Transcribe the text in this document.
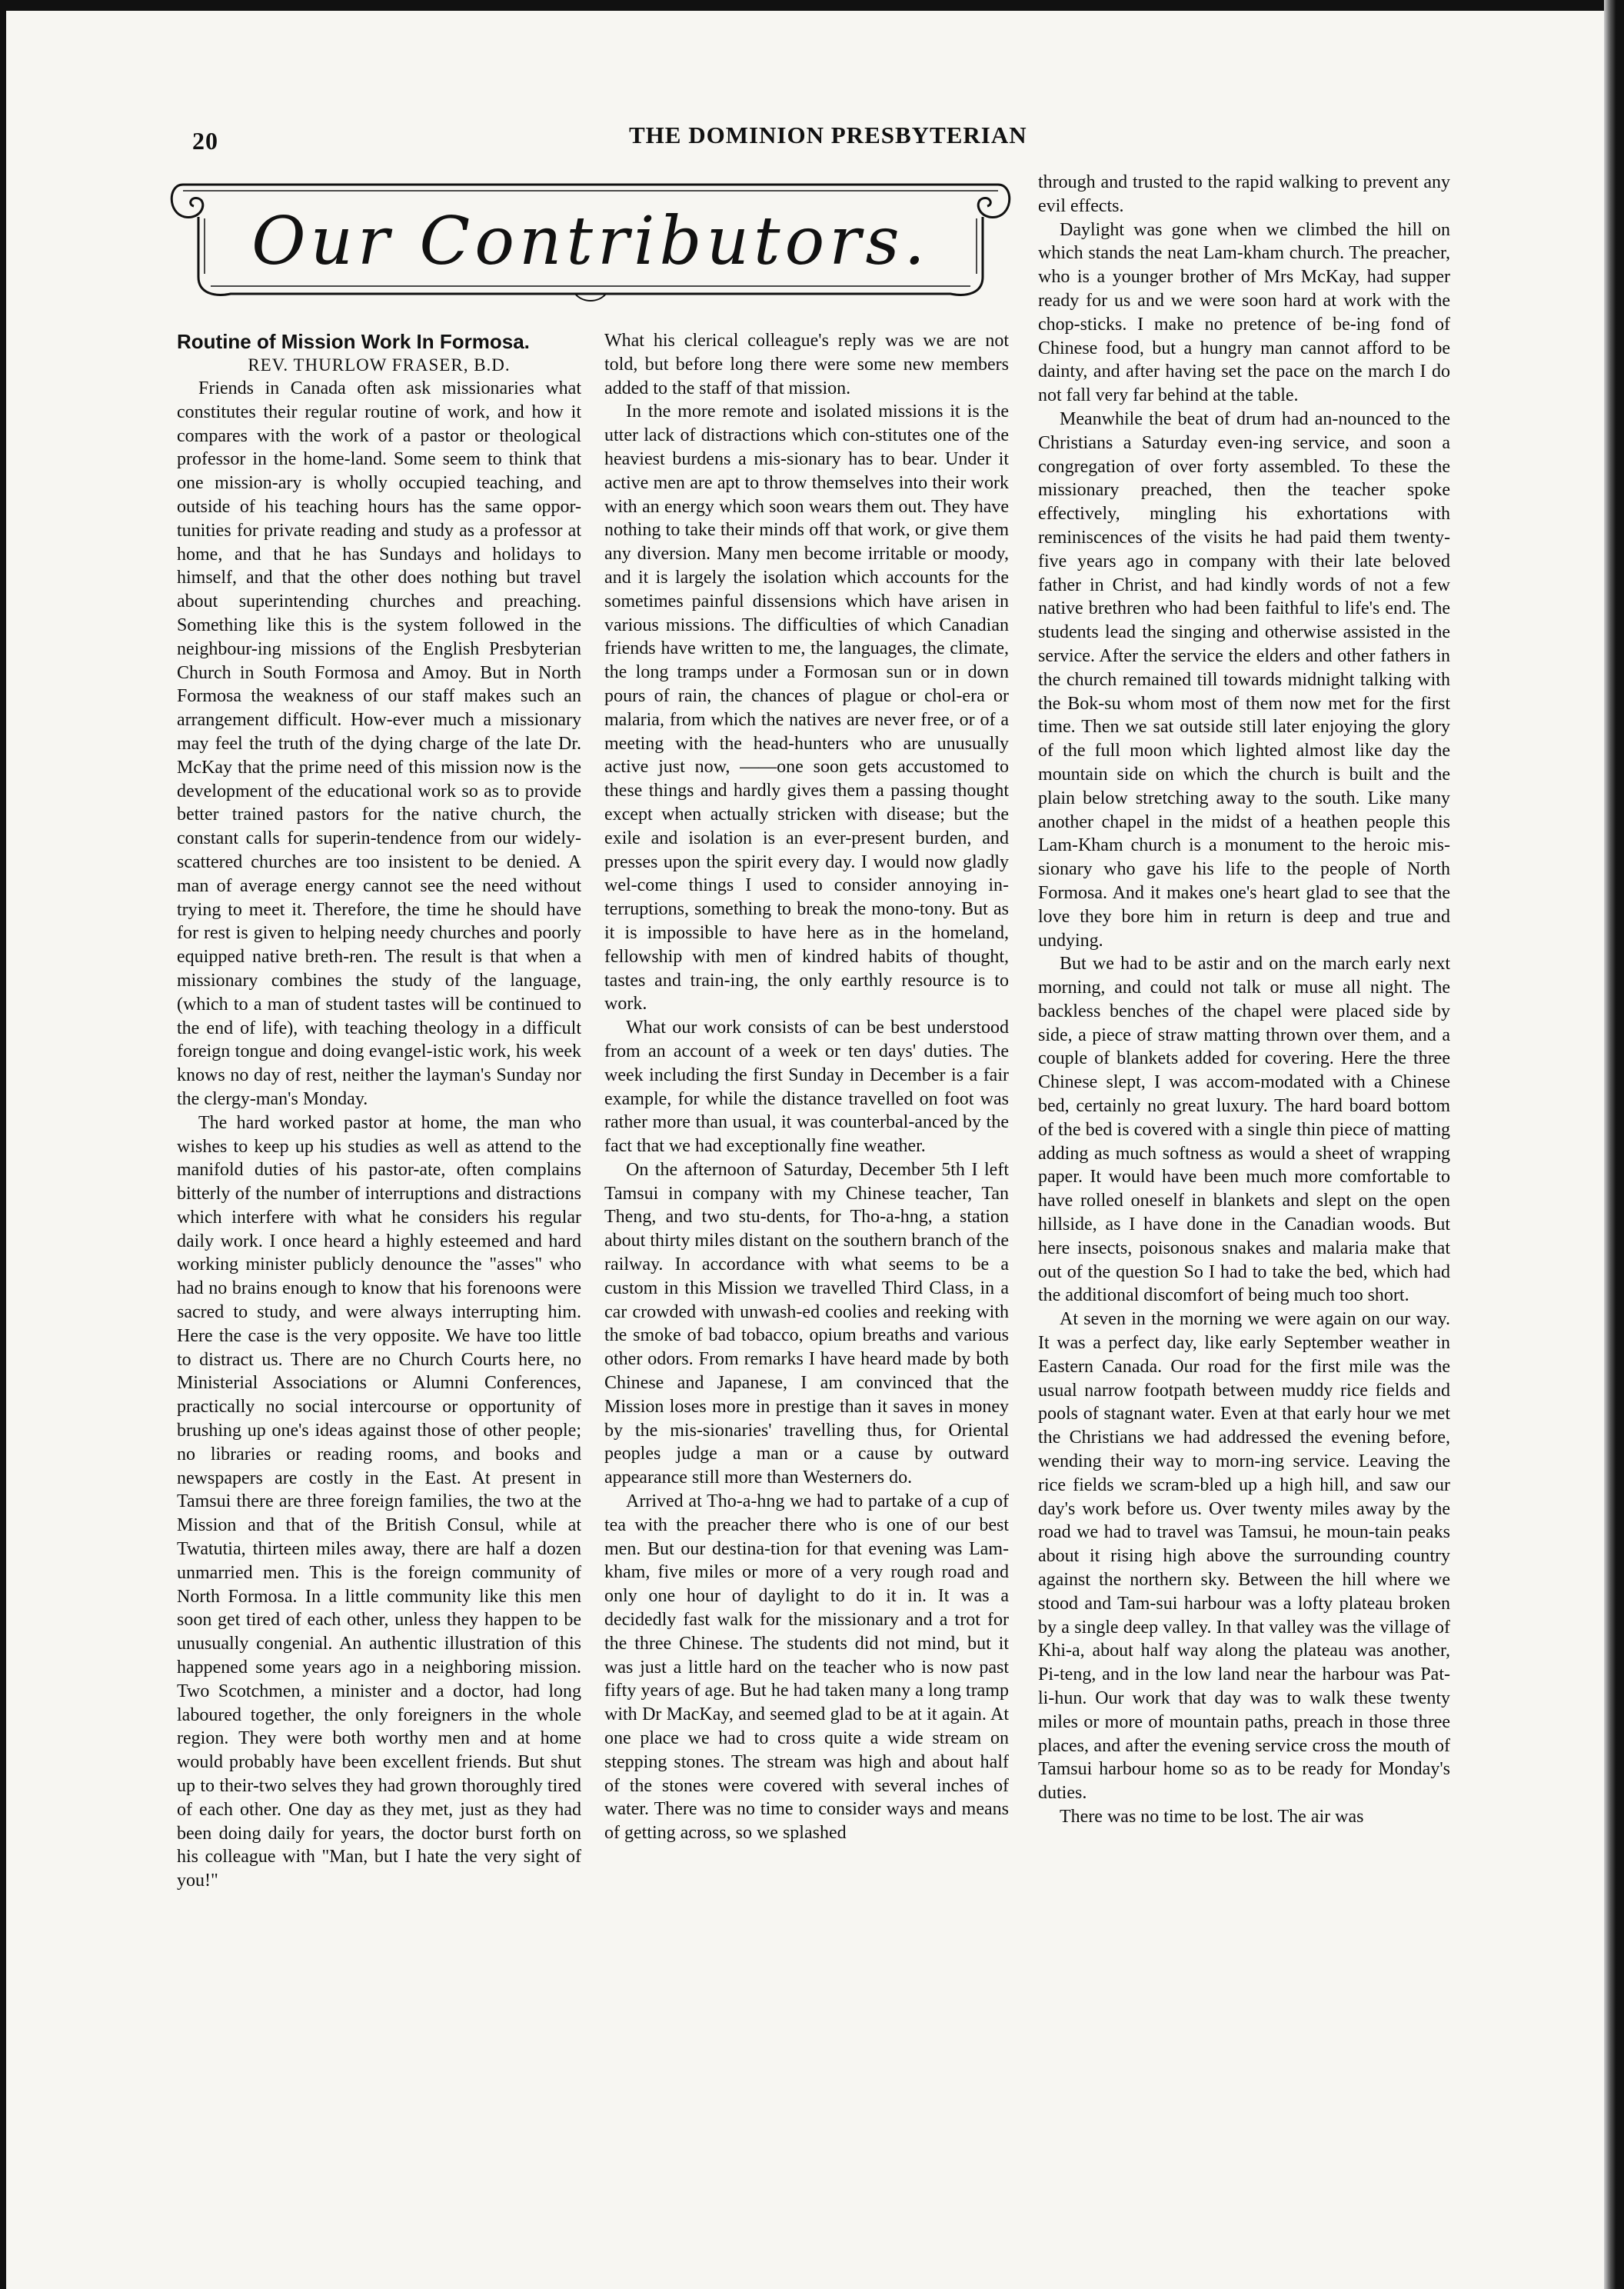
20	THE DOMINION PRESBYTERIAN
Our Contributors.

Routine of Mission Work In Formosa.

REV. THURLOW FRASER, B.D.

Friends in Canada often ask missionaries what constitutes their regular routine of work, and how it compares with the work of a pastor or theological professor in the home-land. Some seem to think that one mission-ary is wholly occupied teaching, and outside of his teaching hours has the same oppor-tunities for private reading and study as a professor at home, and that he has Sundays and holidays to himself, and that the other does nothing but travel about superintending churches and preaching. Something like this is the system followed in the neighbour-ing missions of the English Presbyterian Church in South Formosa and Amoy. But in North Formosa the weakness of our staff makes such an arrangement difficult. How-ever much a missionary may feel the truth of the dying charge of the late Dr. McKay that the prime need of this mission now is the development of the educational work so as to provide better trained pastors for the native church, the constant calls for superin-tendence from our widely-scattered churches are too insistent to be denied. A man of average energy cannot see the need without trying to meet it. Therefore, the time he should have for rest is given to helping needy churches and poorly equipped native breth-ren. The result is that when a missionary combines the study of the language, (which to a man of student tastes will be continued to the end of life), with teaching theology in a difficult foreign tongue and doing evangel-istic work, his week knows no day of rest, neither the layman's Sunday nor the clergy-man's Monday.

The hard worked pastor at home, the man who wishes to keep up his studies as well as attend to the manifold duties of his pastor-ate, often complains bitterly of the number of interruptions and distractions which interfere with what he considers his regular daily work. I once heard a highly esteemed and hard working minister publicly denounce the "asses" who had no brains enough to know that his forenoons were sacred to study, and were always interrupting him. Here the case is the very opposite. We have too little to distract us. There are no Church Courts here, no Ministerial Associations or Alumni Conferences, practically no social intercourse or opportunity of brushing up one's ideas against those of other people; no libraries or reading rooms, and books and newspapers are costly in the East. At present in Tamsui there are three foreign families, the two at the Mission and that of the British Consul, while at Twatutia, thirteen miles away, there are half a dozen unmarried men. This is the foreign community of North Formosa. In a little community like this men soon get tired of each other, unless they happen to be unusually congenial. An authentic illustration of this happened some years ago in a neighboring mission. Two Scotchmen, a minister and a doctor, had long laboured together, the only foreigners in the whole region. They were both worthy men and at home would probably have been excellent friends. But shut up to their-two selves they had grown thoroughly tired of each other. One day as they met, just as they had been doing daily for years, the doctor burst forth on his colleague with "Man, but I hate the very sight of you!"

What his clerical colleague's reply was we are not told, but before long there were some new members added to the staff of that mission.

In the more remote and isolated missions it is the utter lack of distractions which con-stitutes one of the heaviest burdens a mis-sionary has to bear. Under it active men are apt to throw themselves into their work with an energy which soon wears them out. They have nothing to take their minds off that work, or give them any diversion. Many men become irritable or moody, and it is largely the isolation which accounts for the sometimes painful dissensions which have arisen in various missions. The difficulties of which Canadian friends have written to me, the languages, the climate, the long tramps under a Formosan sun or in down pours of rain, the chances of plague or chol-era or malaria, from which the natives are never free, or of a meeting with the head-hunters who are unusually active just now, ——one soon gets accustomed to these things and hardly gives them a passing thought except when actually stricken with disease; but the exile and isolation is an ever-present burden, and presses upon the spirit every day. I would now gladly wel-come things I used to consider annoying in-terruptions, something to break the mono-tony. But as it is impossible to have here as in the homeland, fellowship with men of kindred habits of thought, tastes and train-ing, the only earthly resource is to work.

What our work consists of can be best understood from an account of a week or ten days' duties. The week including the first Sunday in December is a fair example, for while the distance travelled on foot was rather more than usual, it was counterbal-anced by the fact that we had exceptionally fine weather.

On the afternoon of Saturday, December 5th I left Tamsui in company with my Chinese teacher, Tan Theng, and two stu-dents, for Tho-a-hng, a station about thirty miles distant on the southern branch of the railway. In accordance with what seems to be a custom in this Mission we travelled Third Class, in a car crowded with unwash-ed coolies and reeking with the smoke of bad tobacco, opium breaths and various other odors. From remarks I have heard made by both Chinese and Japanese, I am convinced that the Mission loses more in prestige than it saves in money by the mis-sionaries' travelling thus, for Oriental peoples judge a man or a cause by outward appearance still more than Westerners do.

Arrived at Tho-a-hng we had to partake of a cup of tea with the preacher there who is one of our best men. But our destina-tion for that evening was Lam-kham, five miles or more of a very rough road and only one hour of daylight to do it in. It was a decidedly fast walk for the missionary and a trot for the three Chinese. The students did not mind, but it was just a little hard on the teacher who is now past fifty years of age. But he had taken many a long tramp with Dr MacKay, and seemed glad to be at it again. At one place we had to cross quite a wide stream on stepping stones. The stream was high and about half of the stones were covered with several inches of water. There was no time to consider ways and means of getting across, so we splashed

through and trusted to the rapid walking to prevent any evil effects.

Daylight was gone when we climbed the hill on which stands the neat Lam-kham church. The preacher, who is a younger brother of Mrs McKay, had supper ready for us and we were soon hard at work with the chop-sticks. I make no pretence of be-ing fond of Chinese food, but a hungry man cannot afford to be dainty, and after having set the pace on the march I do not fall very far behind at the table.

Meanwhile the beat of drum had an-nounced to the Christians a Saturday even-ing service, and soon a congregation of over forty assembled. To these the missionary preached, then the teacher spoke effectively, mingling his exhortations with reminiscences of the visits he had paid them twenty-five years ago in company with their late beloved father in Christ, and had kindly words of not a few native brethren who had been faithful to life's end. The students lead the singing and otherwise assisted in the service. After the service the elders and other fathers in the church remained till towards midnight talking with the Bok-su whom most of them now met for the first time. Then we sat outside still later enjoying the glory of the full moon which lighted almost like day the mountain side on which the church is built and the plain below stretching away to the south. Like many another chapel in the midst of a heathen people this Lam-Kham church is a monument to the heroic mis-sionary who gave his life to the people of North Formosa. And it makes one's heart glad to see that the love they bore him in return is deep and true and undying.

But we had to be astir and on the march early next morning, and could not talk or muse all night. The backless benches of the chapel were placed side by side, a piece of straw matting thrown over them, and a couple of blankets added for covering. Here the three Chinese slept, I was accom-modated with a Chinese bed, certainly no great luxury. The hard board bottom of the bed is covered with a single thin piece of matting adding as much softness as would a sheet of wrapping paper. It would have been much more comfortable to have rolled oneself in blankets and slept on the open hillside, as I have done in the Canadian woods. But here insects, poisonous snakes and malaria make that out of the question So I had to take the bed, which had the additional discomfort of being much too short.

At seven in the morning we were again on our way. It was a perfect day, like early September weather in Eastern Canada. Our road for the first mile was the usual narrow footpath between muddy rice fields and pools of stagnant water. Even at that early hour we met the Christians we had addressed the evening before, wending their way to morn-ing service. Leaving the rice fields we scram-bled up a high hill, and saw our day's work before us. Over twenty miles away by the road we had to travel was Tamsui, he moun-tain peaks about it rising high above the surrounding country against the northern sky. Between the hill where we stood and Tam-sui harbour was a lofty plateau broken by a single deep valley. In that valley was the village of Khi-a, about half way along the plateau was another, Pi-teng, and in the low land near the harbour was Pat-li-hun. Our work that day was to walk these twenty miles or more of mountain paths, preach in those three places, and after the evening service cross the mouth of Tamsui harbour home so as to be ready for Monday's duties.

There was no time to be lost. The air was
